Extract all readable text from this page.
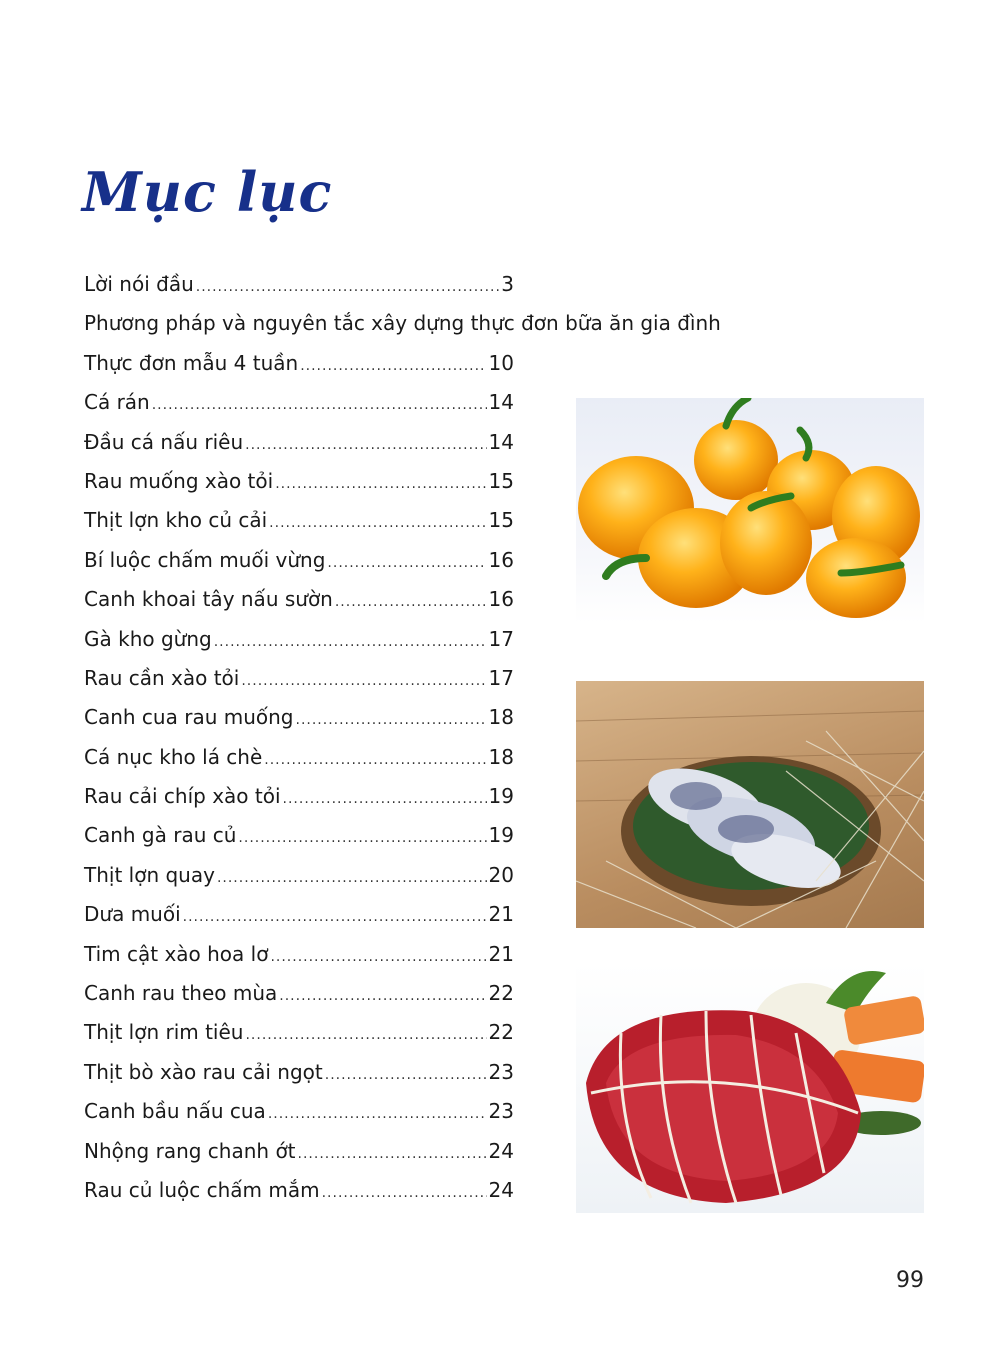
Mục lục
Lời nói đầu .....	3
Phương pháp và nguyên tắc xây dựng thực đơn bữa ăn gia đình
Thực đơn mẫu 4 tuần .....	10
Cá rán .....	14
Đầu cá nấu riêu .....	14
Rau muống xào tỏi .....	15
Thịt lợn kho củ cải .....	15
Bí luộc chấm muối vừng .....	16
Canh khoai tây nấu sườn .....	16
Gà kho gừng .....	17
Rau cần xào tỏi .....	17
Canh cua rau muống .....	18
Cá nục kho lá chè .....	18
Rau cải chíp xào tỏi .....	19
Canh gà rau củ .....	19
Thịt lợn quay .....	20
Dưa muối .....	21
Tim cật xào hoa lơ .....	21
Canh rau theo mùa .....	22
Thịt lợn rim tiêu .....	22
Thịt bò xào rau cải ngọt .....	23
Canh bầu nấu cua .....	23
Nhộng rang chanh ớt .....	24
Rau củ luộc chấm mắm .....	24
99
